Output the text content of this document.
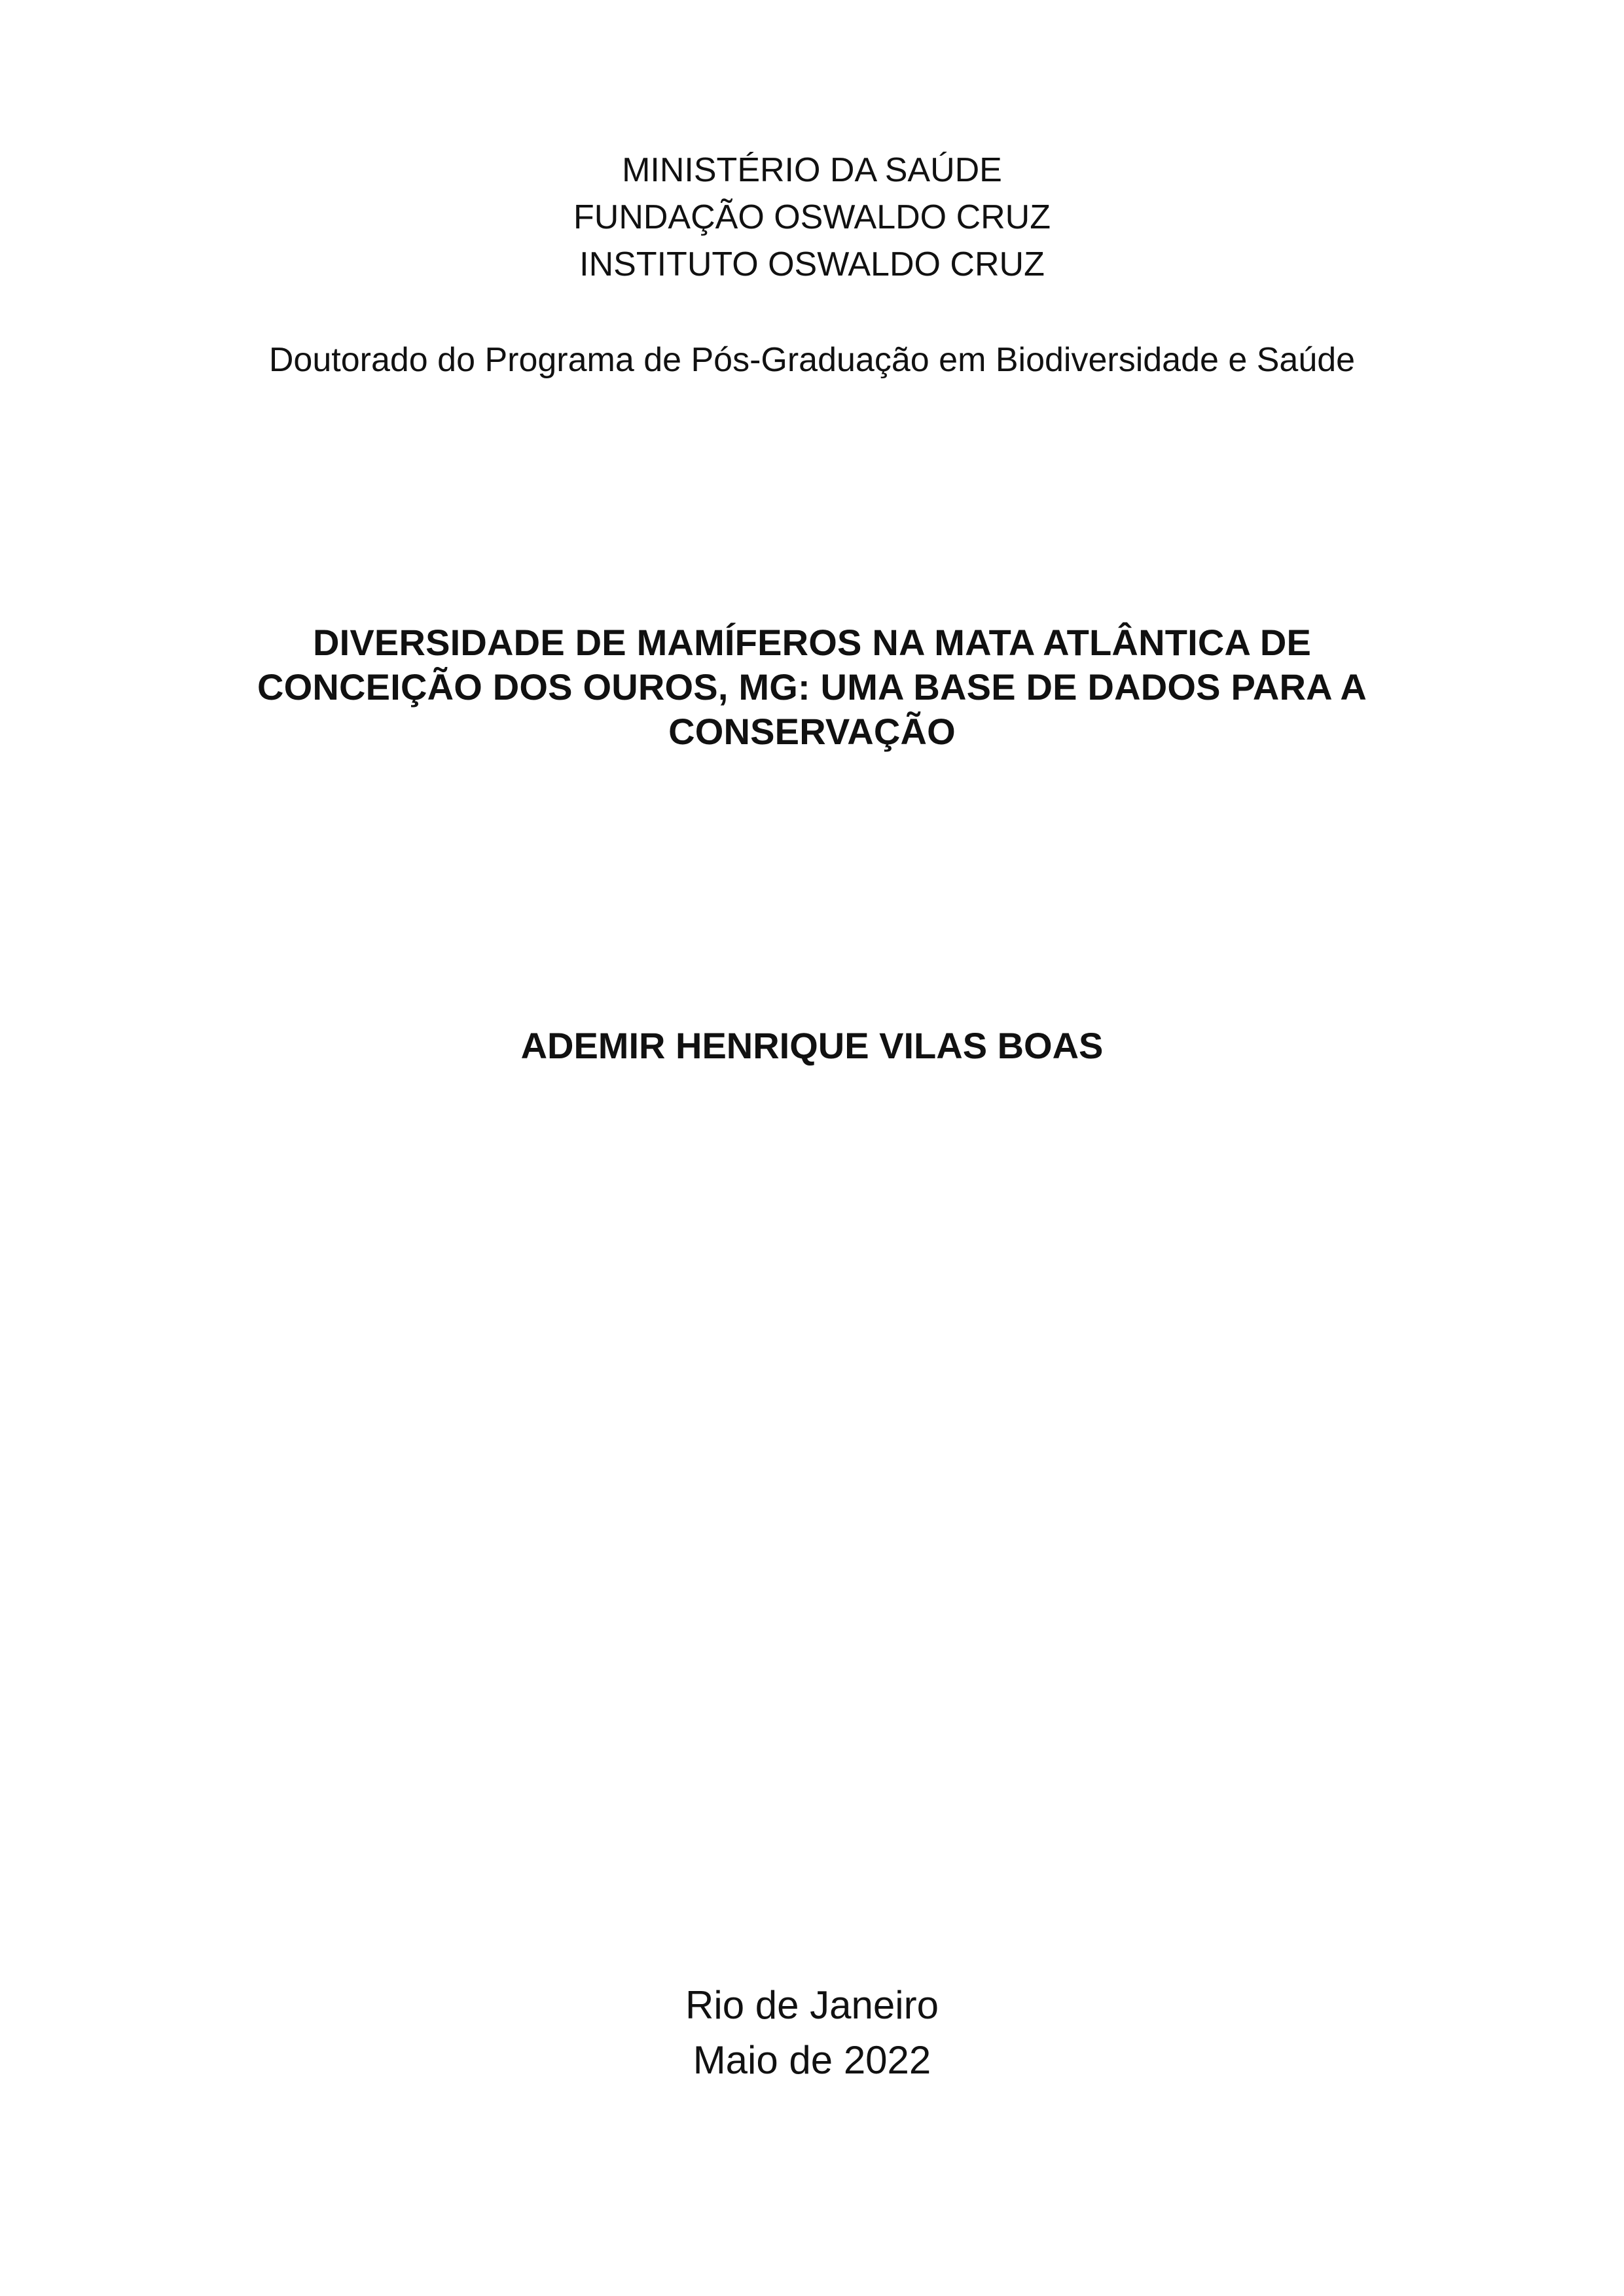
MINISTÉRIO DA SAÚDE
FUNDAÇÃO OSWALDO CRUZ
INSTITUTO OSWALDO CRUZ
Doutorado do Programa de Pós-Graduação em Biodiversidade e Saúde
DIVERSIDADE DE MAMÍFEROS NA MATA ATLÂNTICA DE
CONCEIÇÃO DOS OUROS, MG: UMA BASE DE DADOS PARA A
CONSERVAÇÃO
ADEMIR HENRIQUE VILAS BOAS
Rio de Janeiro
Maio de 2022
